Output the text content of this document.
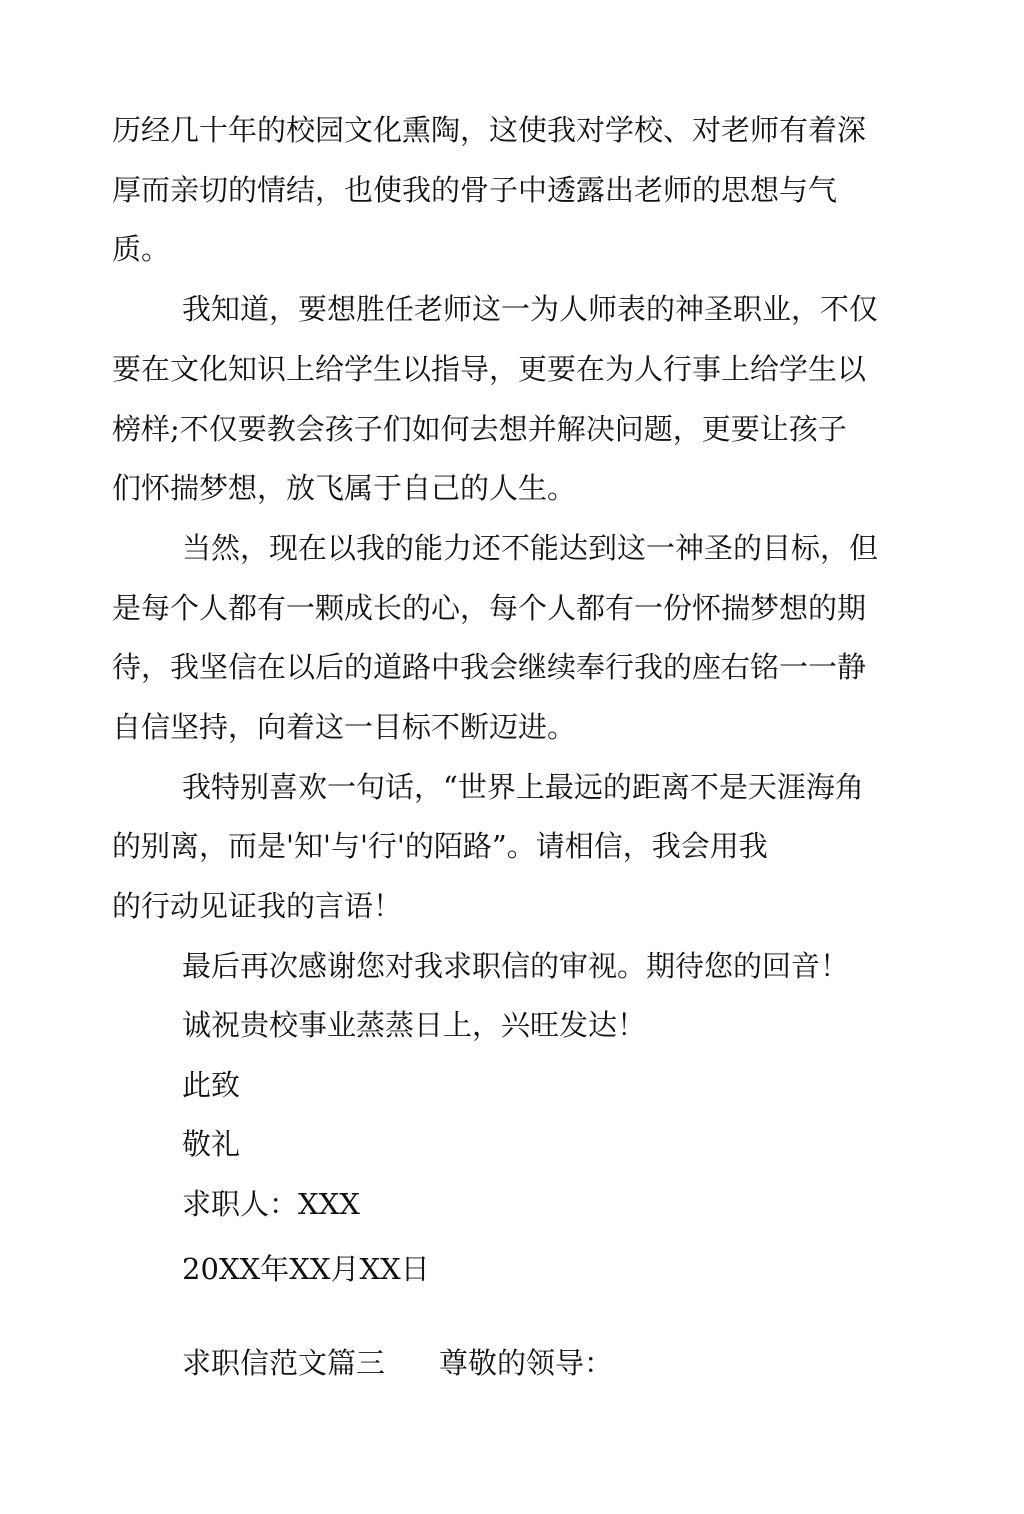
历经几十年的校园文化熏陶，这使我对学校、对老师有着深
厚而亲切的情结，也使我的骨子中透露出老师的思想与气
质。
我知道，要想胜任老师这一为人师表的神圣职业，不仅
要在文化知识上给学生以指导，更要在为人行事上给学生以
榜样;不仅要教会孩子们如何去想并解决问题，更要让孩子
们怀揣梦想，放飞属于自己的人生。
当然，现在以我的能力还不能达到这一神圣的目标，但
是每个人都有一颗成长的心，每个人都有一份怀揣梦想的期
待，我坚信在以后的道路中我会继续奉行我的座右铭一一静
自信坚持，向着这一目标不断迈进。
我特别喜欢一句话，“世界上最远的距离不是天涯海角
的别离，而是'知'与'行'的陌路”。请相信，我会用我
的行动见证我的言语！
最后再次感谢您对我求职信的审视。期待您的回音！
诚祝贵校事业蒸蒸日上，兴旺发达！
此致
敬礼
求职人：XXX
20XX年XX月XX日
求职信范文篇三 尊敬的领导：
